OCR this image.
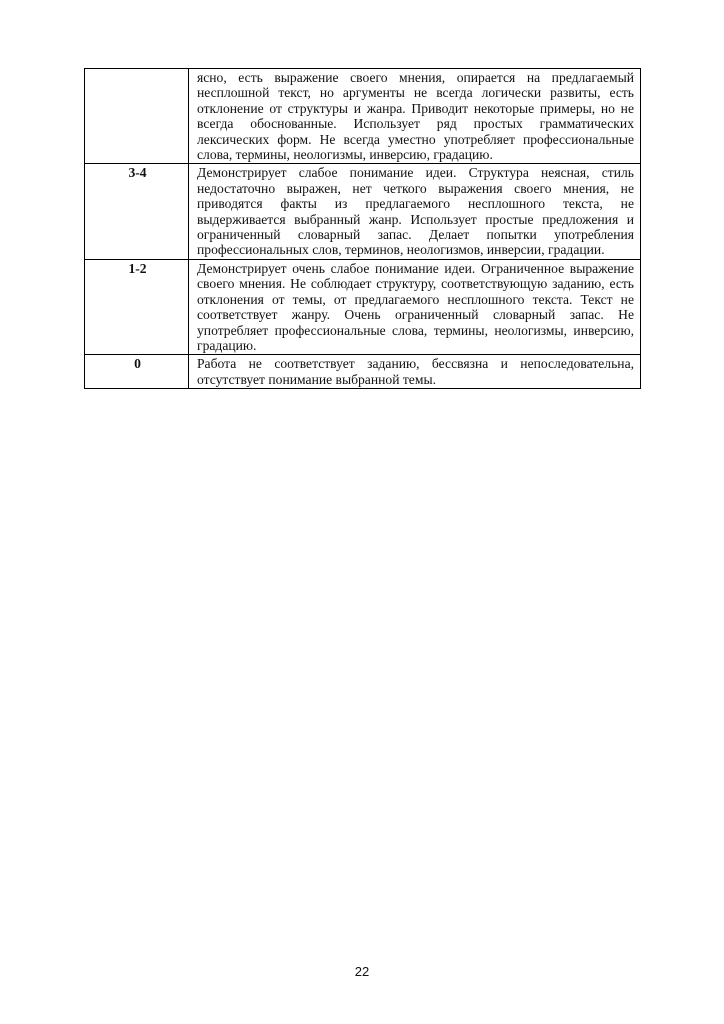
	ясно, есть выражение своего мнения, опирается на предлагаемый несплошной текст, но аргументы не всегда логически развиты, есть отклонение от структуры и жанра. Приводит некоторые примеры, но не всегда обоснованные. Использует ряд простых грамматических лексических форм. Не всегда уместно употребляет профессиональные слова, термины, неологизмы, инверсию, градацию.
3-4	Демонстрирует слабое понимание идеи. Структура неясная, стиль недостаточно выражен, нет четкого выражения своего мнения, не приводятся факты из предлагаемого несплошного текста, не выдерживается выбранный жанр. Использует простые предложения и ограниченный словарный запас. Делает попытки употребления профессиональных слов, терминов, неологизмов, инверсии, градации.
1-2	Демонстрирует очень слабое понимание идеи. Ограниченное выражение своего мнения. Не соблюдает структуру, соответствующую заданию, есть отклонения от темы, от предлагаемого несплошного текста. Текст не соответствует жанру. Очень ограниченный словарный запас. Не употребляет профессиональные слова, термины, неологизмы, инверсию, градацию.
0	Работа не соответствует заданию, бессвязна и непоследовательна, отсутствует понимание выбранной темы.
22
